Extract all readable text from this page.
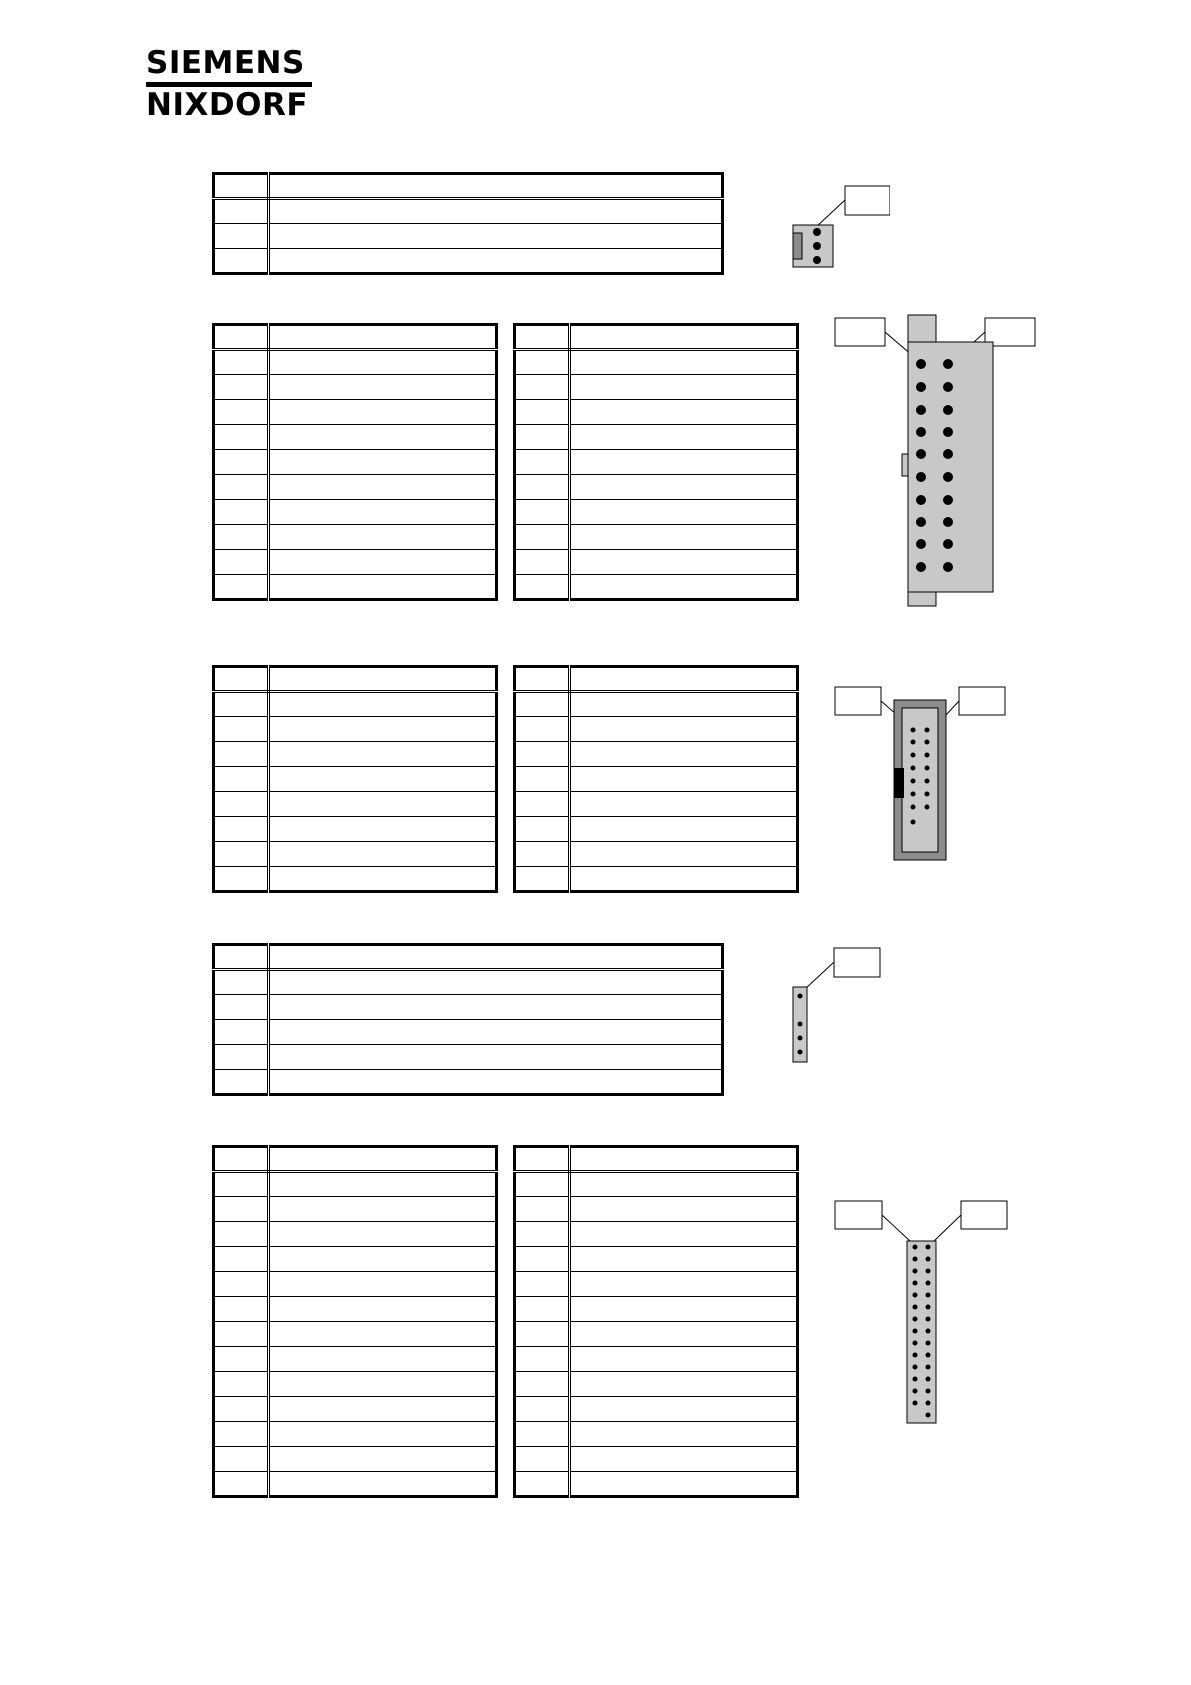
SIEMENS
NIXDORF
